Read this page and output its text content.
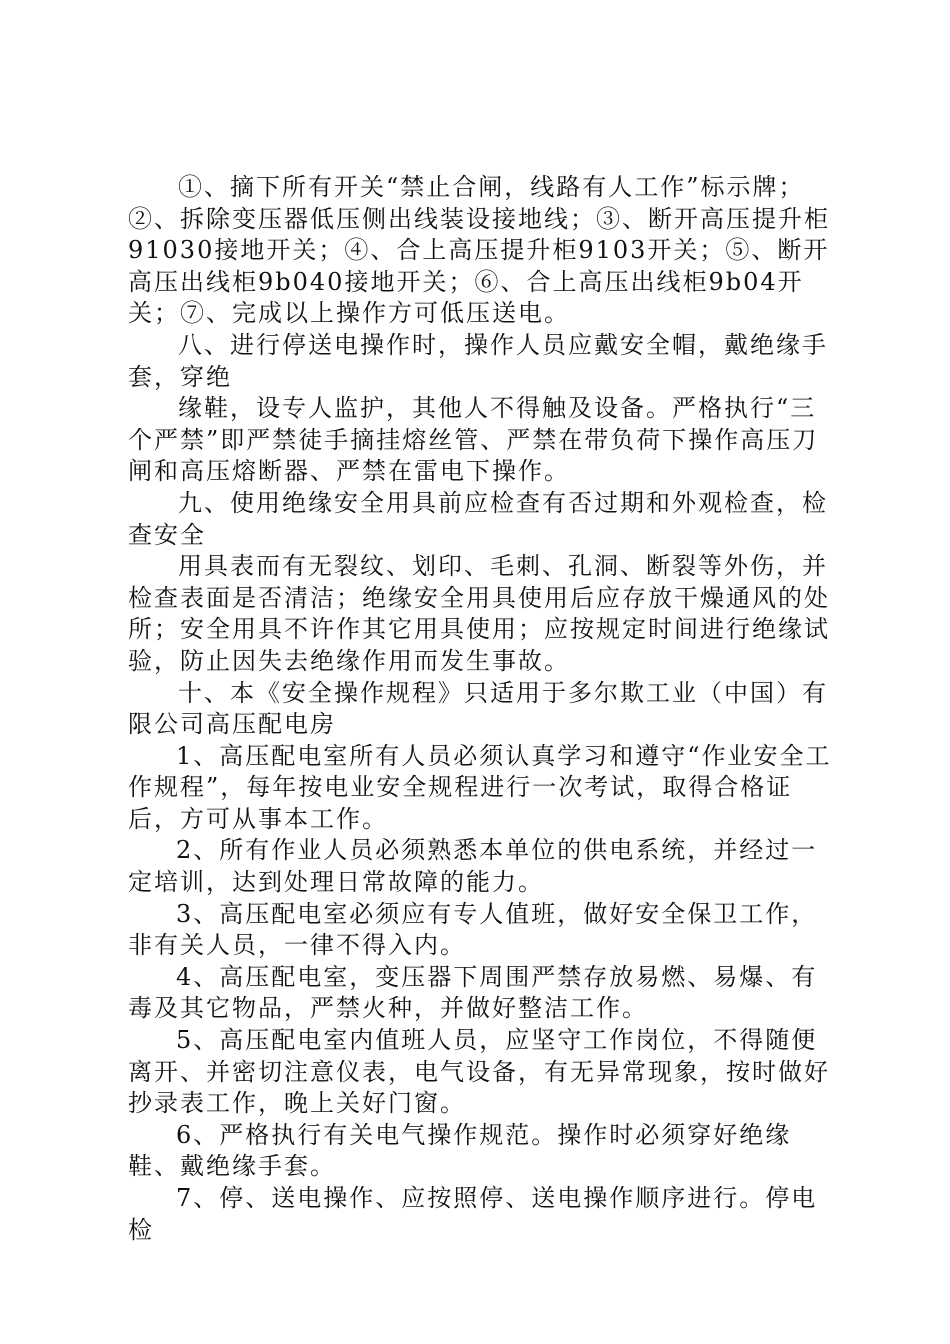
①、摘下所有开关“禁止合闸，线路有人工作”标示牌；②、拆除变压器低压侧出线装设接地线；③、断开高压提升柜91030接地开关；④、合上高压提升柜9103开关；⑤、断开高压出线柜9b040接地开关；⑥、合上高压出线柜9b04开关；⑦、完成以上操作方可低压送电。

八、进行停送电操作时，操作人员应戴安全帽，戴绝缘手套，穿绝

缘鞋，设专人监护，其他人不得触及设备。严格执行“三个严禁”即严禁徒手摘挂熔丝管、严禁在带负荷下操作高压刀闸和高压熔断器、严禁在雷电下操作。

九、使用绝缘安全用具前应检查有否过期和外观检查，检查安全

用具表而有无裂纹、划印、毛刺、孔洞、断裂等外伤，并检查表面是否清洁；绝缘安全用具使用后应存放干燥通风的处所；安全用具不许作其它用具使用；应按规定时间进行绝缘试验，防止因失去绝缘作用而发生事故。

十、本《安全操作规程》只适用于多尔欺工业（中国）有限公司高压配电房

1、高压配电室所有人员必须认真学习和遵守“作业安全工作规程”，每年按电业安全规程进行一次考试，取得合格证后，方可从事本工作。

2、所有作业人员必须熟悉本单位的供电系统，并经过一定培训，达到处理日常故障的能力。

3、高压配电室必须应有专人值班，做好安全保卫工作，非有关人员，一律不得入内。

4、高压配电室，变压器下周围严禁存放易燃、易爆、有毒及其它物品，严禁火种，并做好整洁工作。

5、高压配电室内值班人员，应坚守工作岗位，不得随便离开、并密切注意仪表，电气设备，有无异常现象，按时做好抄录表工作，晚上关好门窗。

6、严格执行有关电气操作规范。操作时必须穿好绝缘鞋、戴绝缘手套。

7、停、送电操作、应按照停、送电操作顺序进行。停电检
